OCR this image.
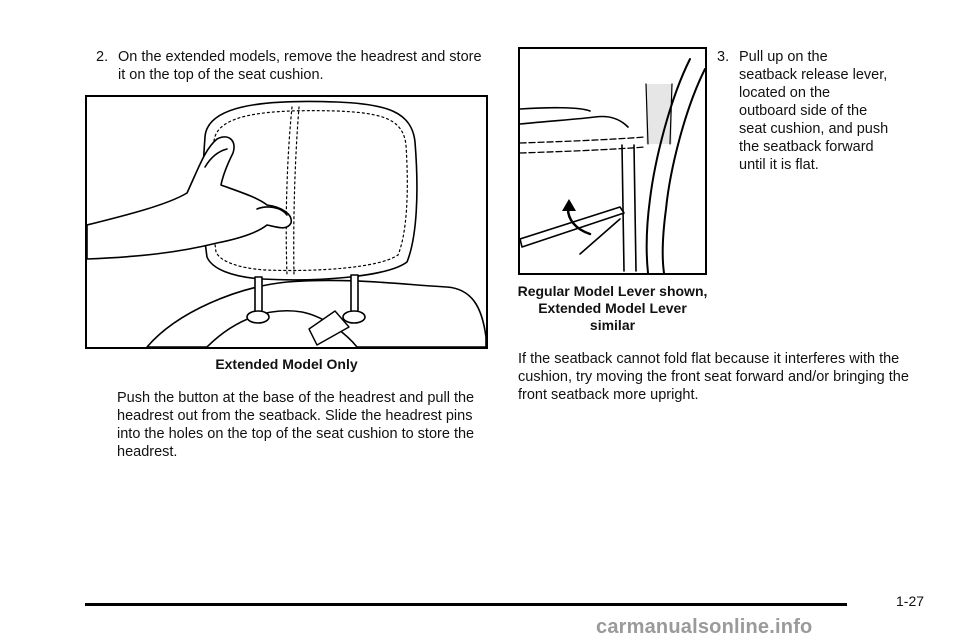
2. On the extended models, remove the headrest and store it on the top of the seat cushion.
Extended Model Only

Push the button at the base of the headrest and pull the headrest out from the seatback. Slide the headrest pins into the holes on the top of the seat cushion to store the headrest.

Regular Model Lever shown, Extended Model Lever similar
3. Pull up on the seatback release lever, located on the outboard side of the seat cushion, and push the seatback forward until it is flat.

If the seatback cannot fold flat because it interferes with the cushion, try moving the front seat forward and/or bringing the front seatback more upright.

1-27
carmanualsonline.info
